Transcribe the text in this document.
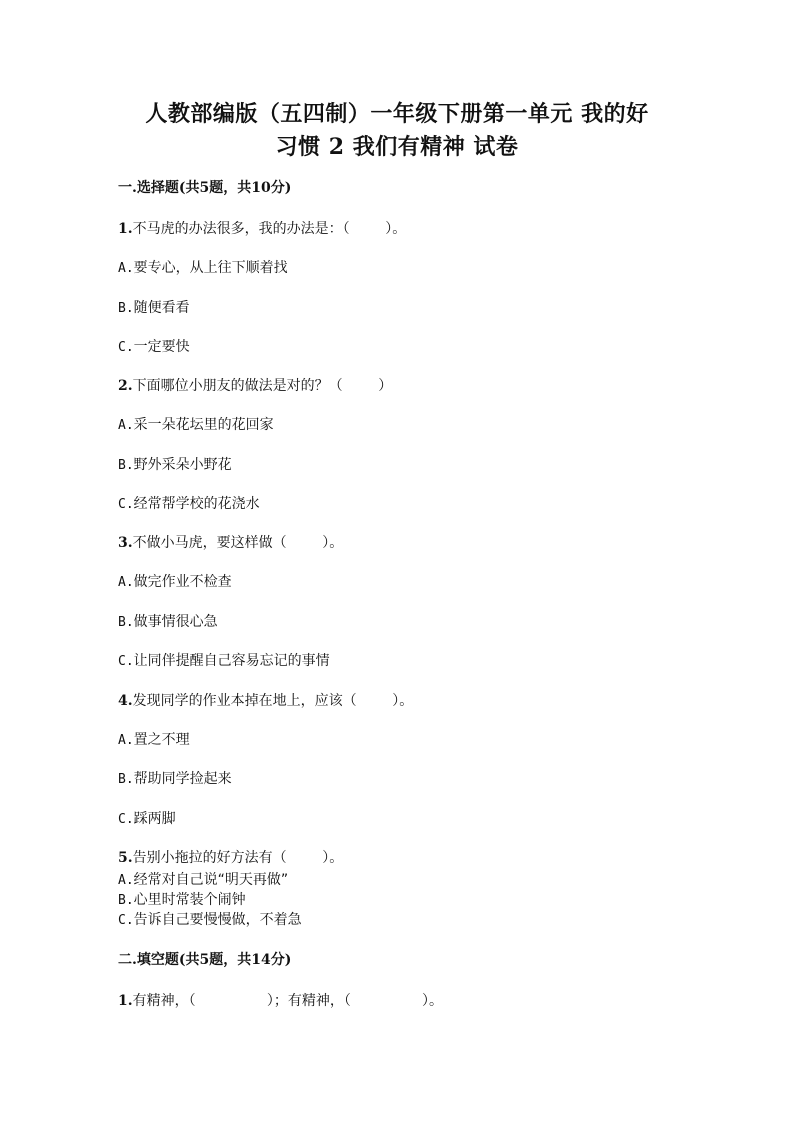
人教部编版（五四制）一年级下册第一单元 我的好
习惯 2 我们有精神 试卷
一.选择题(共5题，共10分)
1.不马虎的办法很多，我的办法是：（        ）。
A.要专心，从上往下顺着找
B.随便看看
C.一定要快
2.下面哪位小朋友的做法是对的？（        ）
A.采一朵花坛里的花回家
B.野外采朵小野花
C.经常帮学校的花浇水
3.不做小马虎，要这样做（        ）。
A.做完作业不检查
B.做事情很心急
C.让同伴提醒自己容易忘记的事情
4.发现同学的作业本掉在地上，应该（        ）。
A.置之不理
B.帮助同学捡起来
C.踩两脚
5.告别小拖拉的好方法有（        ）。
A.经常对自己说“明天再做”
B.心里时常装个闹钟
C.告诉自己要慢慢做，不着急
二.填空题(共5题，共14分)
1.有精神，（                ）；有精神，（                ）。
